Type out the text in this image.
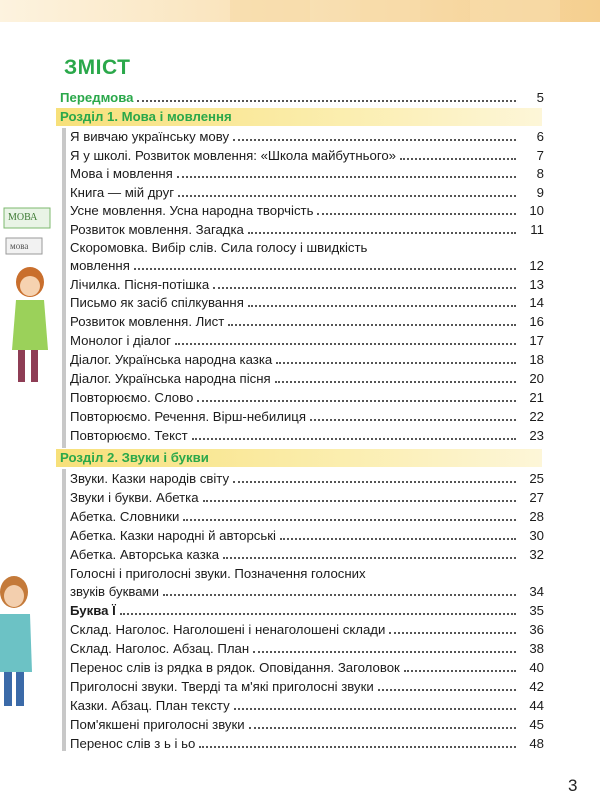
ЗМІСТ
Передмова	5
Розділ 1. Мова і мовлення
Я вивчаю українську мову	6
Я у школі. Розвиток мовлення: «Школа майбутнього»	7
Мова і мовлення	8
Книга — мій друг	9
Усне мовлення. Усна народна творчість	10
Розвиток мовлення. Загадка	11
Скоромовка. Вибір слів. Сила голосу і швидкість
мовлення	12
Лічилка. Пісня-потішка	13
Письмо як засіб спілкування	14
Розвиток мовлення. Лист	16
Монолог і діалог	17
Діалог. Українська народна казка	18
Діалог. Українська народна пісня	20
Повторюємо. Слово	21
Повторюємо. Речення. Вірш-небилиця	22
Повторюємо. Текст	23
Розділ 2. Звуки і букви
Звуки. Казки народів світу	25
Звуки і букви. Абетка	27
Абетка. Словники	28
Абетка. Казки народні й авторські	30
Абетка. Авторська казка	32
Голосні і приголосні звуки. Позначення голосних
звуків буквами	34
Буква Ї	35
Склад. Наголос. Наголошені і ненаголошені склади	36
Склад. Наголос. Абзац. План	38
Перенос слів із рядка в рядок. Оповідання. Заголовок	40
Приголосні звуки. Тверді та м'які приголосні звуки	42
Казки. Абзац. План тексту	44
Пом'якшені приголосні звуки	45
Перенос слів з ь і ьо	48
МОВА
мова
3
